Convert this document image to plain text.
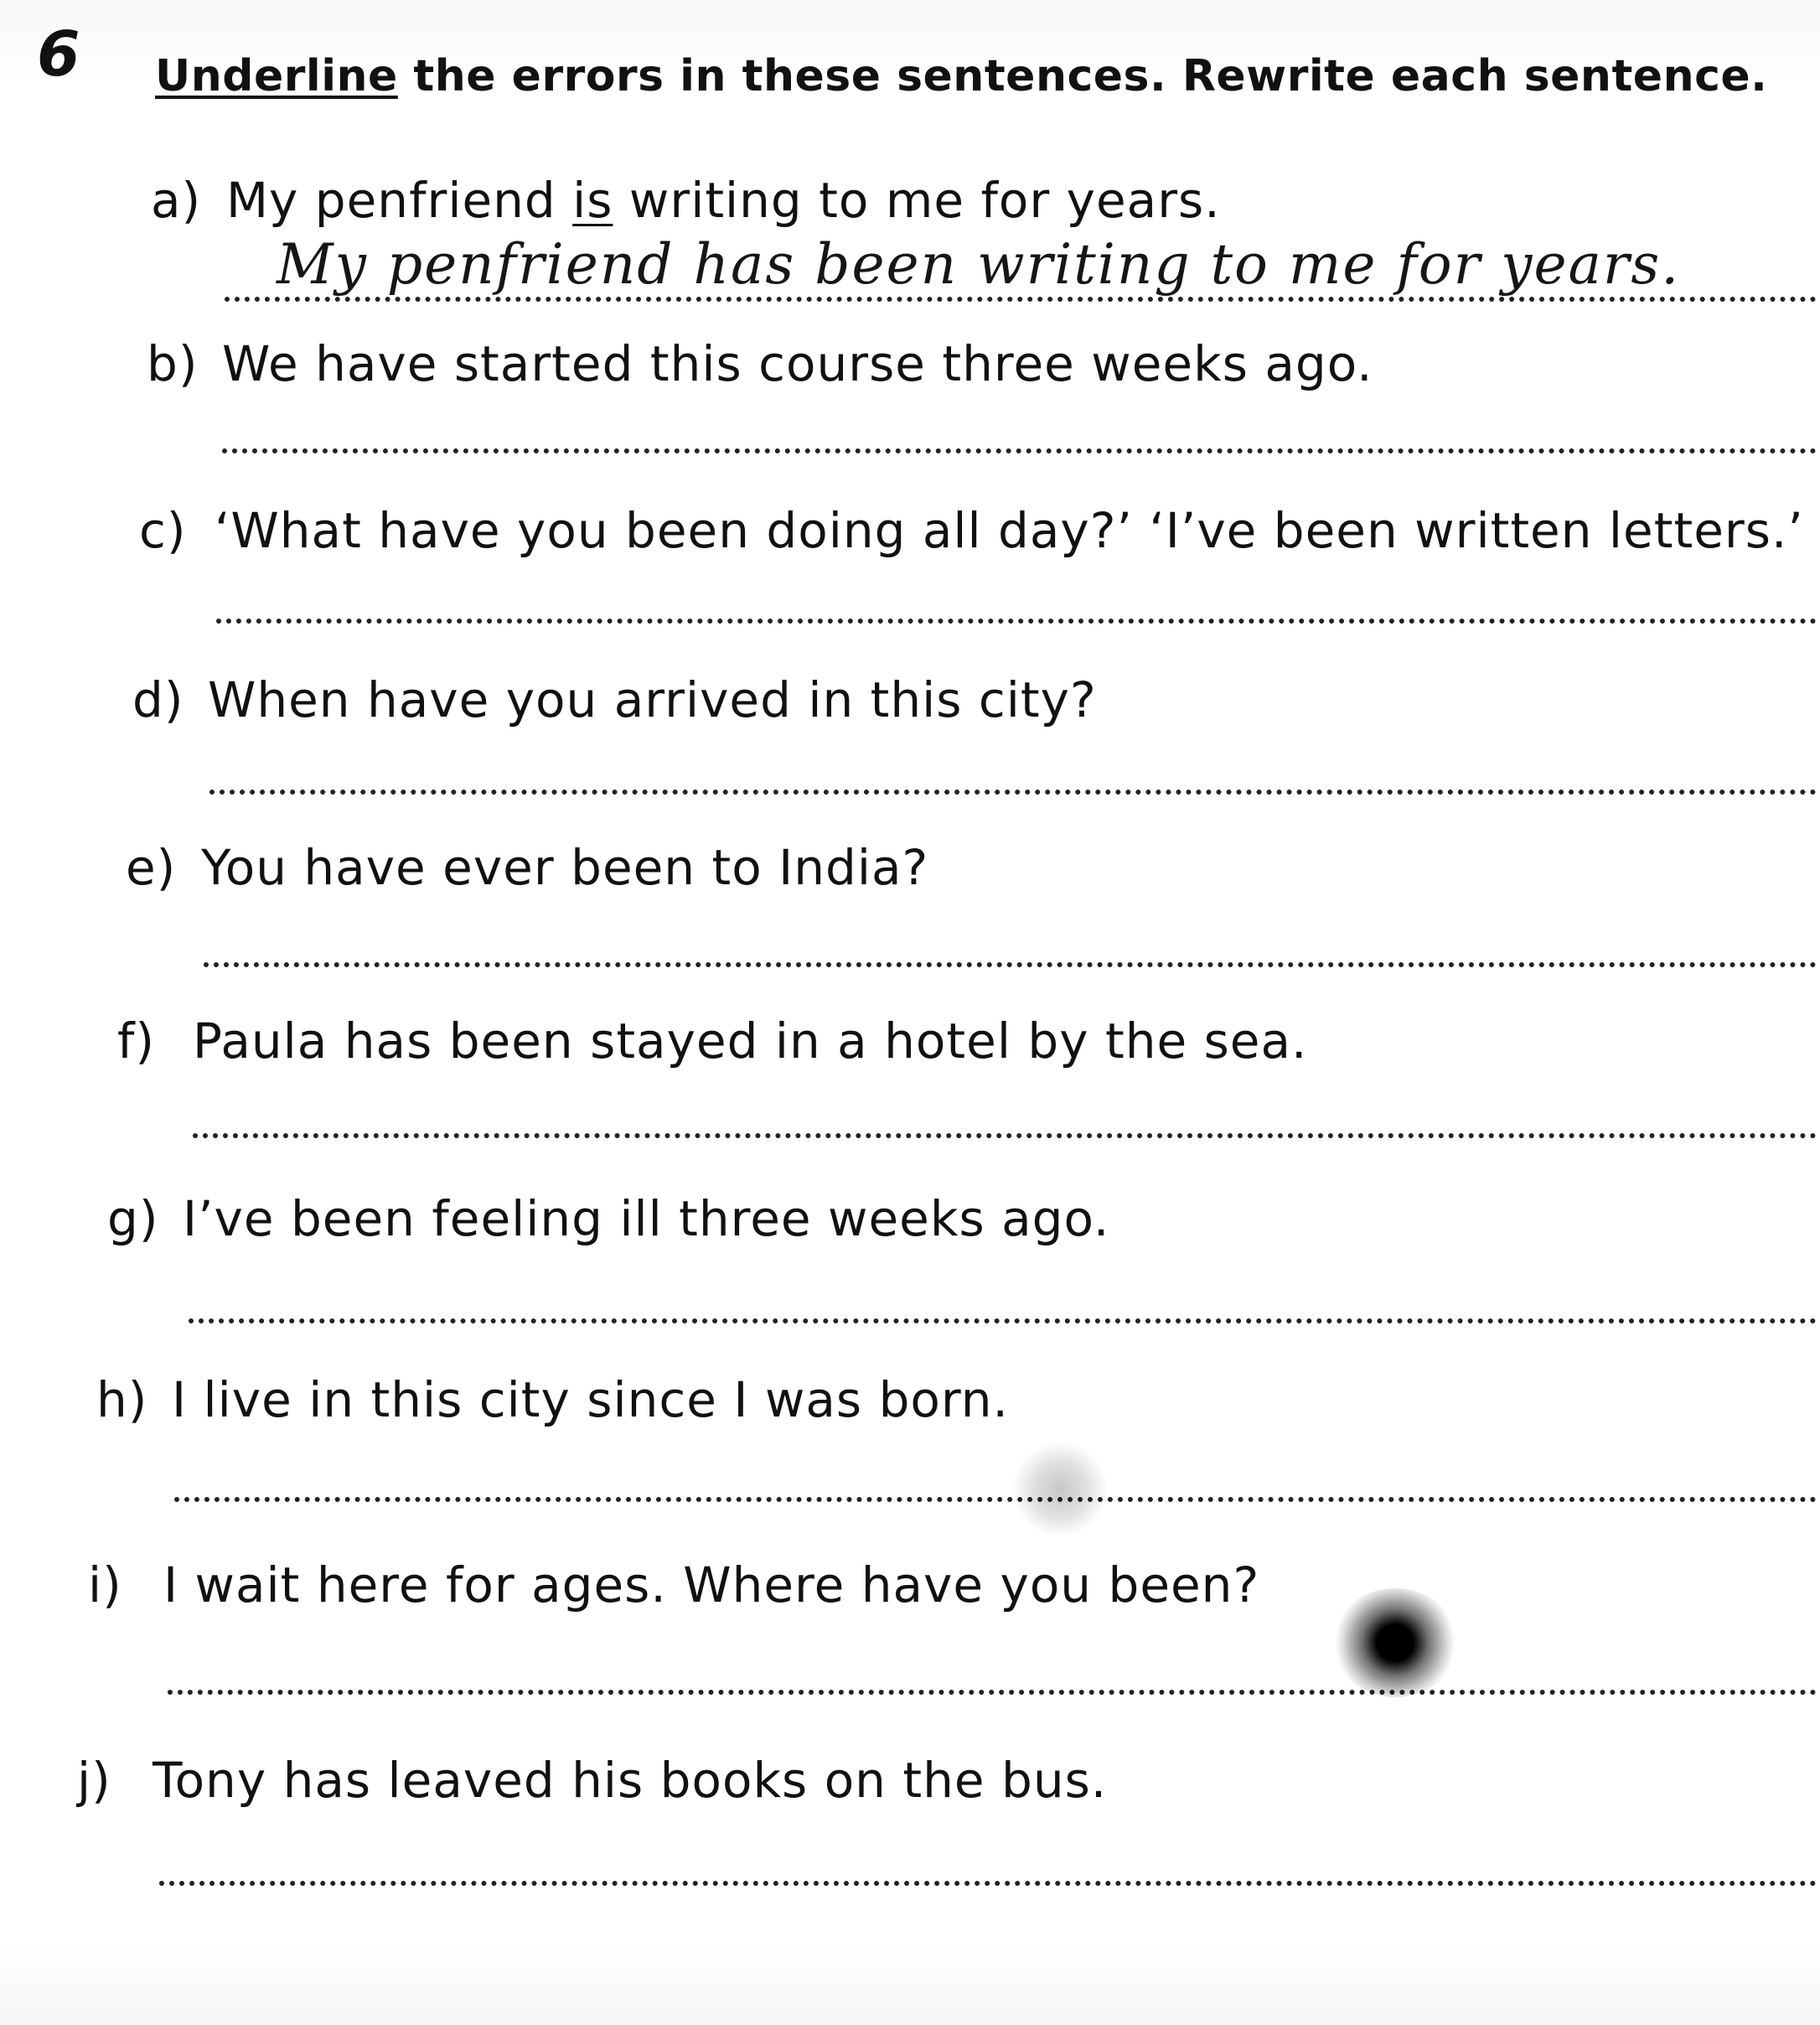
6 Underline the errors in these sentences. Rewrite each sentence.
a) My penfriend is writing to me for years.
My penfriend has been writing to me for years.
b) We have started this course three weeks ago.
c) ‘What have you been doing all day?’ ‘I’ve been written letters.’
d) When have you arrived in this city?
e) You have ever been to India?
f) Paula has been stayed in a hotel by the sea.
g) I’ve been feeling ill three weeks ago.
h) I live in this city since I was born.
i) I wait here for ages. Where have you been?
j) Tony has leaved his books on the bus.
